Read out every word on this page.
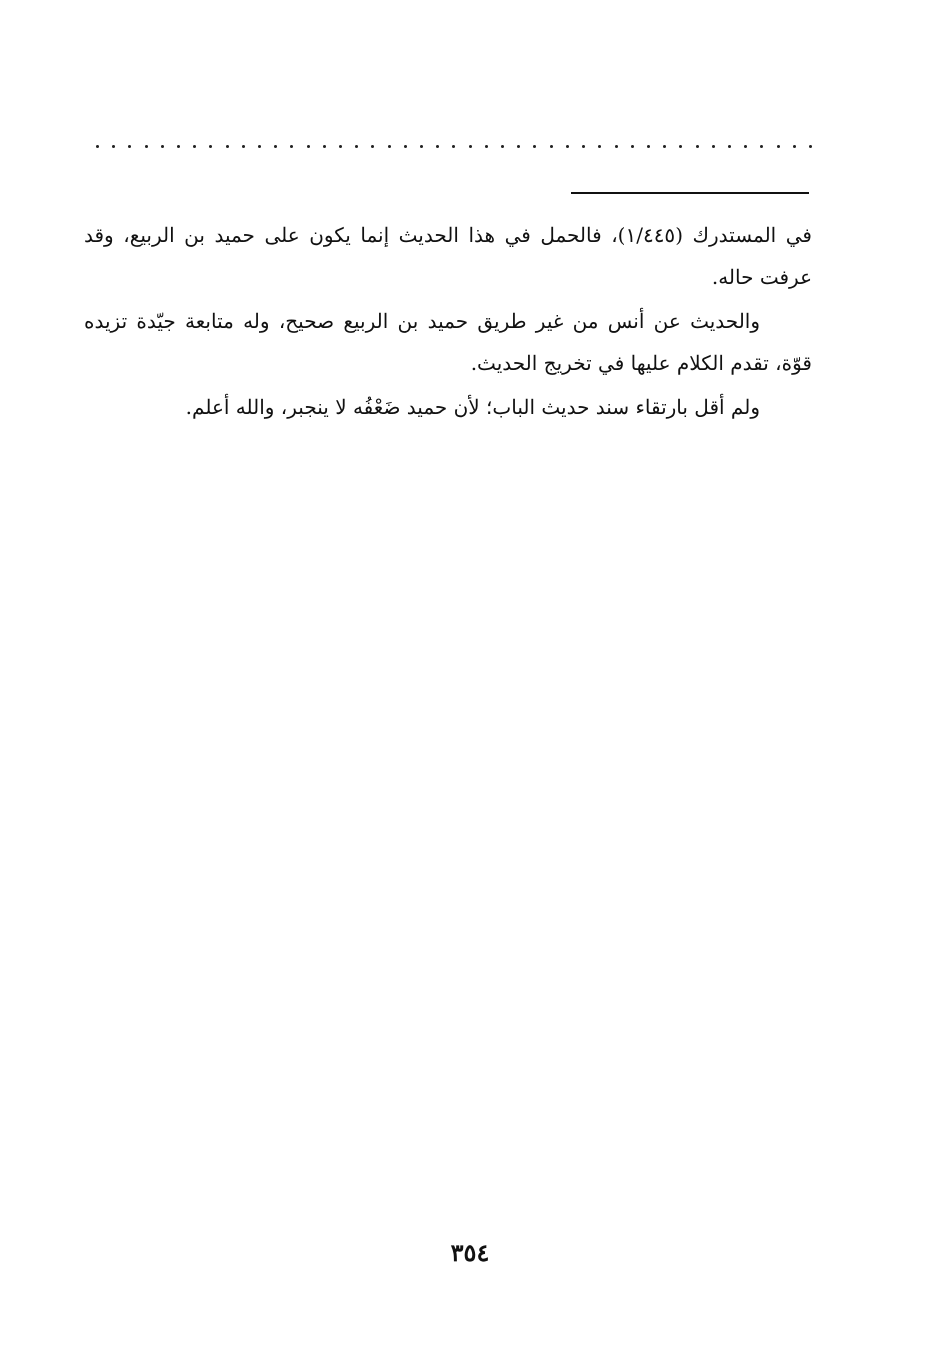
في المستدرك (١/٤٤٥)، فالحمل في هذا الحديث إنما يكون على حميد بن الربيع، وقد عرفت حاله.

والحديث عن أنس من غير طريق حميد بن الربيع صحيح، وله متابعة جيّدة تزيده قوّة، تقدم الكلام عليها في تخريج الحديث.

ولم أقل بارتقاء سند حديث الباب؛ لأن حميد ضَعْفُه لا ينجبر، والله أعلم.

٣٥٤
